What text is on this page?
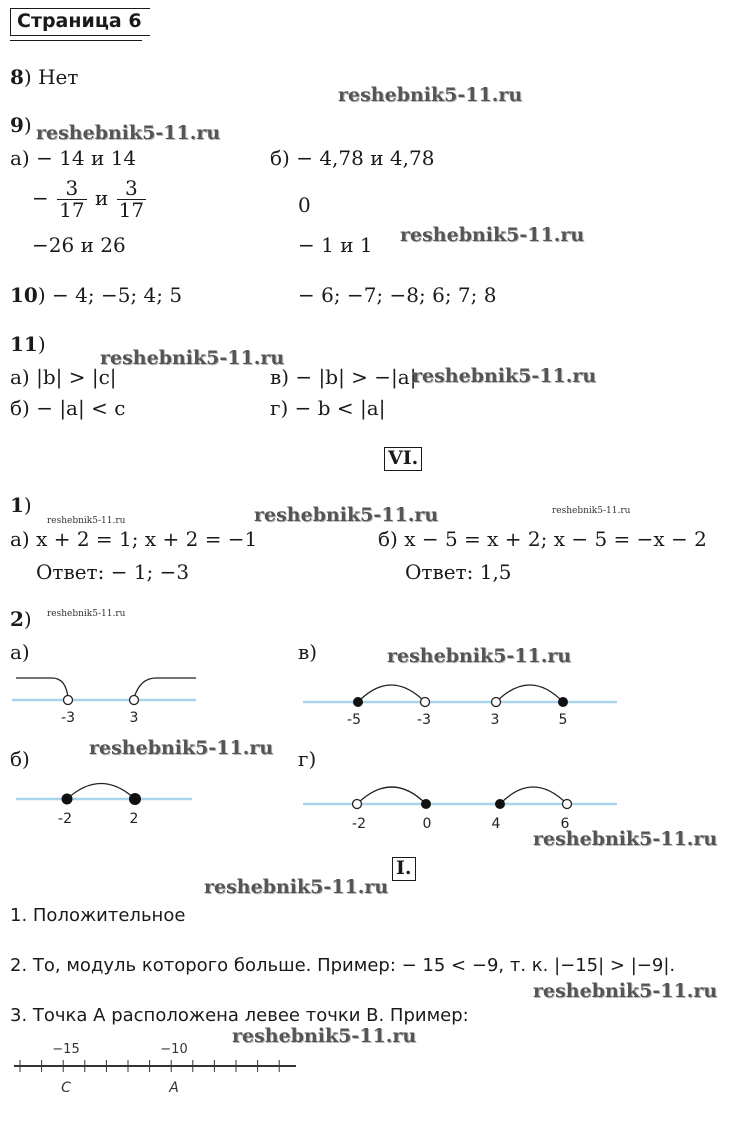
Страница 6
8) Нет
9)
а) − 14 и 14	б) − 4,78 и 4,78
− $\frac{3}{17}$ и $\frac{3}{17}$	0
−26 и 26	− 1 и 1
10) − 4; −5; 4; 5	− 6; −7; −8; 6; 7; 8
11)
а) |b| > |c|	в) − |b| > −|a|
б) − |a| < c	г) − b < |a|
VI.
1)
а) x + 2 = 1; x + 2 = −1	б) x − 5 = x + 2; x − 5 = −x − 2
Ответ: − 1; −3	Ответ: 1,5
2)
а)	в)
б)	г)
-3	3
-2	2
-5	-3	3	5
-2	0	4	6
I.
1. Положительное
2. То, модуль которого больше. Пример: − 15 < −9, т. к. |−15| > |−9|.
3. Точка А расположена левее точки В. Пример:
−15	−10
C	A
reshebnik5-11.ru
reshebnik5-11.ru
reshebnik5-11.ru
reshebnik5-11.ru
reshebnik5-11.ru
reshebnik5-11.ru
reshebnik5-11.ru
reshebnik5-11.ru
reshebnik5-11.ru
reshebnik5-11.ru
reshebnik5-11.ru
reshebnik5-11.ru
reshebnik5-11.ru
reshebnik5-11.ru
reshebnik5-11.ru
